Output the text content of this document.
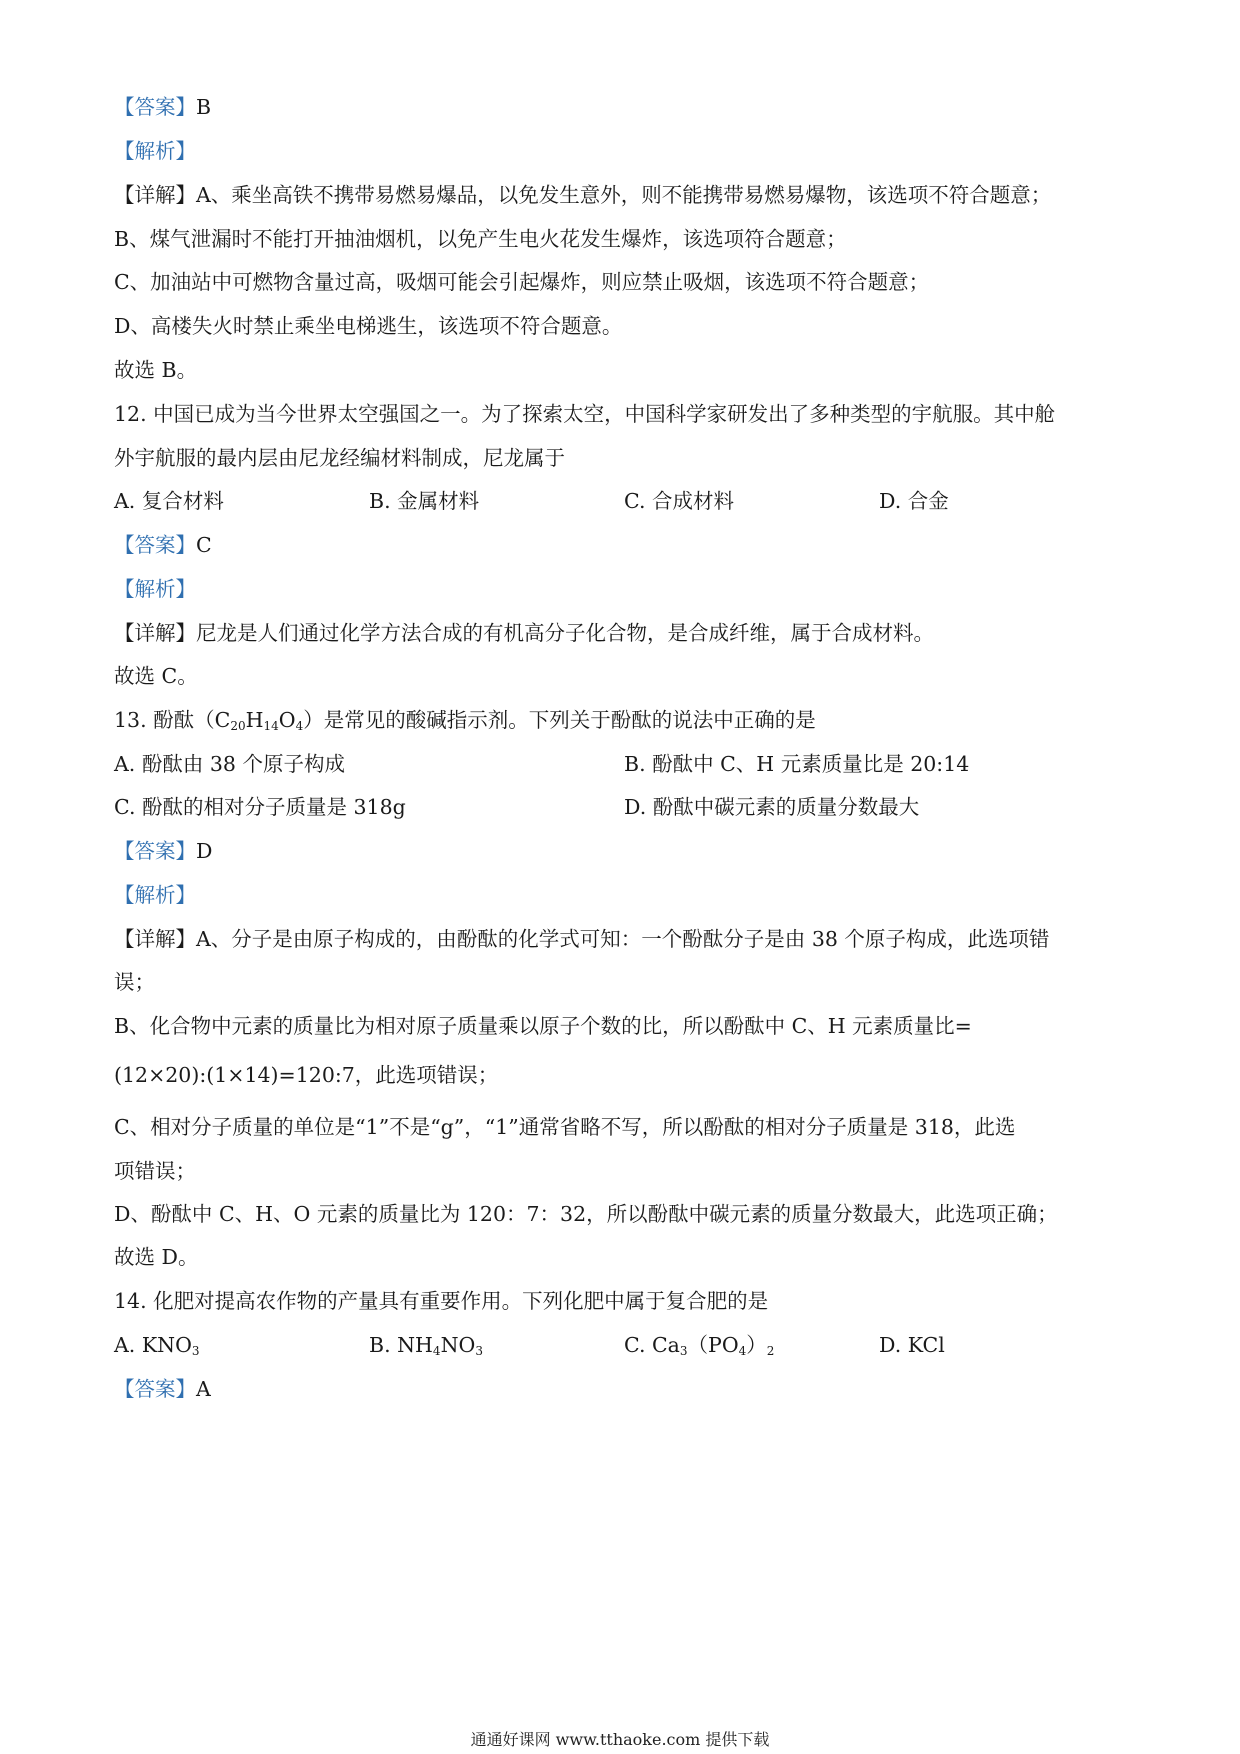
【答案】B
【解析】
【详解】A、乘坐高铁不携带易燃易爆品，以免发生意外，则不能携带易燃易爆物，该选项不符合题意；
B、煤气泄漏时不能打开抽油烟机，以免产生电火花发生爆炸，该选项符合题意；
C、加油站中可燃物含量过高，吸烟可能会引起爆炸，则应禁止吸烟，该选项不符合题意；
D、高楼失火时禁止乘坐电梯逃生，该选项不符合题意。
故选 B。
12. 中国已成为当今世界太空强国之一。为了探索太空，中国科学家研发出了多种类型的宇航服。其中舱
外宇航服的最内层由尼龙经编材料制成，尼龙属于
A. 复合材料	B. 金属材料	C. 合成材料	D. 合金
【答案】C
【解析】
【详解】尼龙是人们通过化学方法合成的有机高分子化合物，是合成纤维，属于合成材料。
故选 C。
13. 酚酞$(C_{20}H_{14}O_4)$是常见的酸碱指示剂。下列关于酚酞的说法中正确的是
A. 酚酞由 38 个原子构成	B. 酚酞中 C、H 元素质量比是 20:14
C. 酚酞的相对分子质量是 318g	D. 酚酞中碳元素的质量分数最大
【答案】D
【解析】
【详解】A、分子是由原子构成的，由酚酞的化学式可知：一个酚酞分子是由 38 个原子构成，此选项错
误；
B、化合物中元素的质量比为相对原子质量乘以原子个数的比，所以酚酞中 C、H 元素质量比=
(12×20):(1×14)=120:7，此选项错误；
C、相对分子质量的单位是“1”不是“g”，“1”通常省略不写，所以酚酞的相对分子质量是 318，此选
项错误；
D、酚酞中 C、H、O 元素的质量比为 120：7：32，所以酚酞中碳元素的质量分数最大，此选项正确；
故选 D。
14. 化肥对提高农作物的产量具有重要作用。下列化肥中属于复合肥的是
A. $KNO_3$	B. $NH_4NO_3$	C. $Ca_3(PO_4)_2$	D. KCl
【答案】A
通通好课网 www.tthaoke.com 提供下载
